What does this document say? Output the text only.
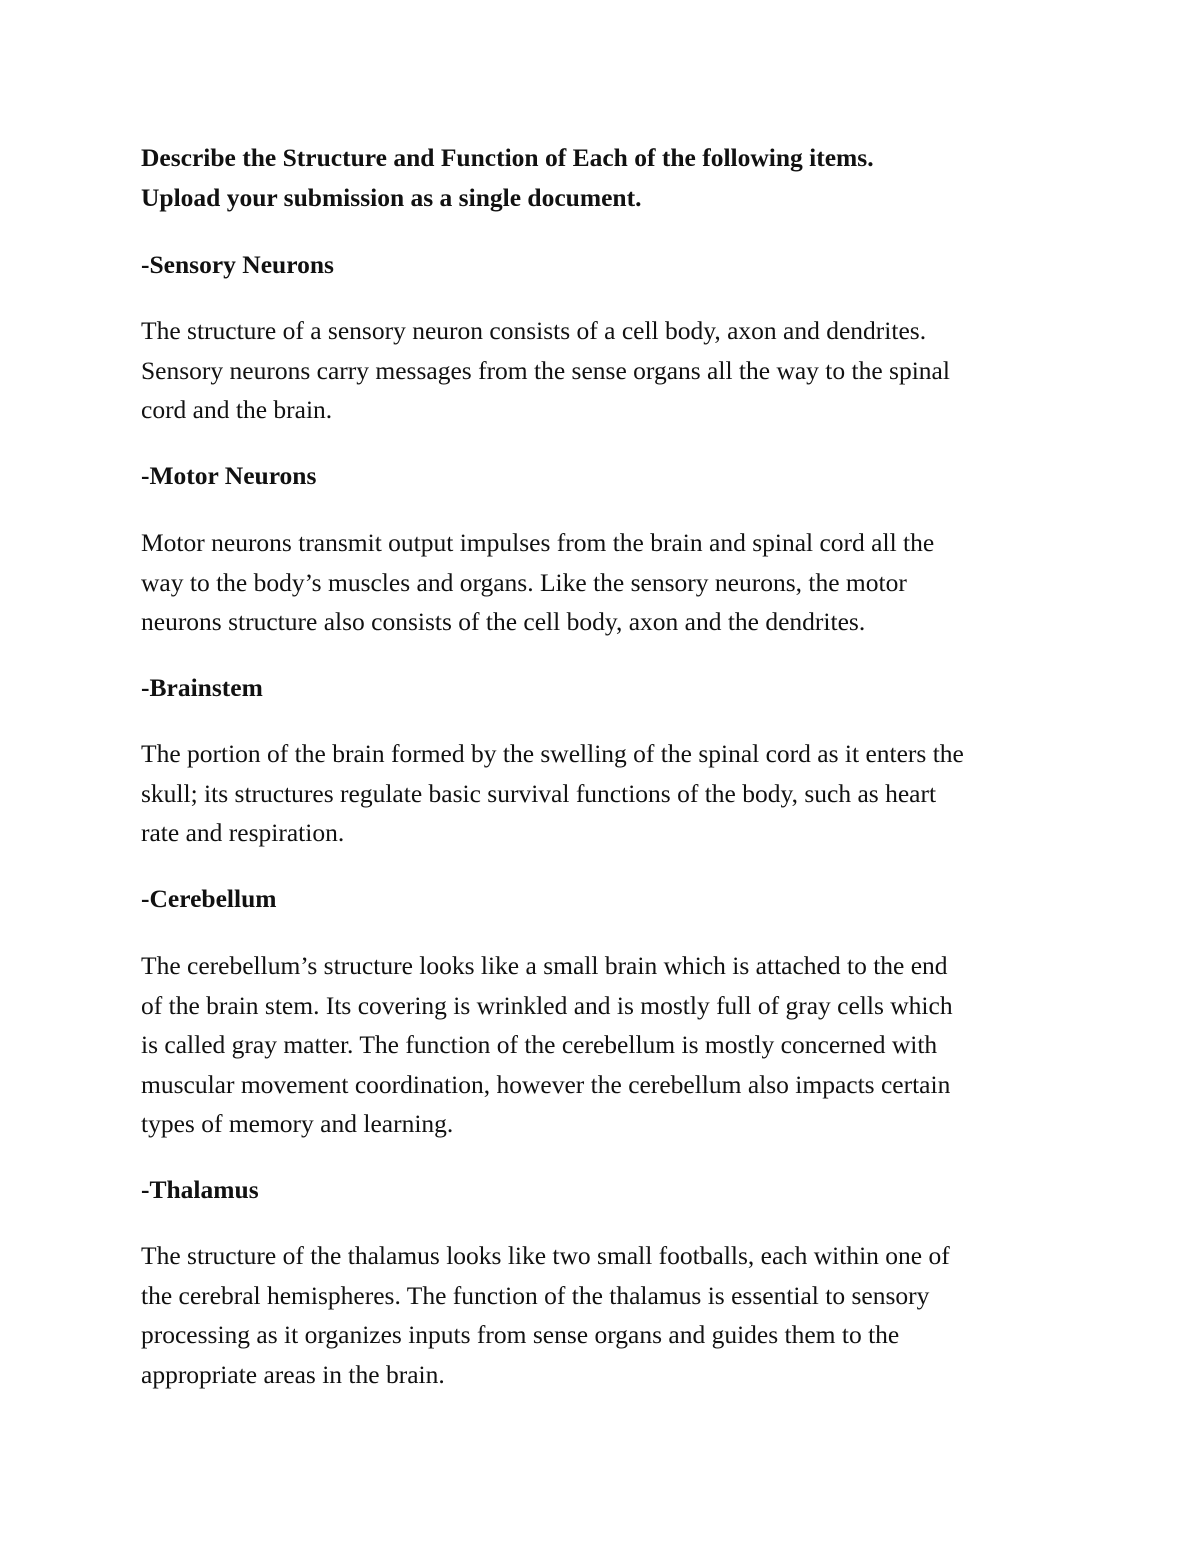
Describe the Structure and Function of Each of the following items.
Upload your submission as a single document.

-Sensory Neurons

The structure of a sensory neuron consists of a cell body, axon and dendrites.
Sensory neurons carry messages from the sense organs all the way to the spinal
cord and the brain.

-Motor Neurons

Motor neurons transmit output impulses from the brain and spinal cord all the
way to the body’s muscles and organs. Like the sensory neurons, the motor
neurons structure also consists of the cell body, axon and the dendrites.

-Brainstem

The portion of the brain formed by the swelling of the spinal cord as it enters the
skull; its structures regulate basic survival functions of the body, such as heart
rate and respiration.

-Cerebellum

The cerebellum’s structure looks like a small brain which is attached to the end
of the brain stem. Its covering is wrinkled and is mostly full of gray cells which
is called gray matter. The function of the cerebellum is mostly concerned with
muscular movement coordination, however the cerebellum also impacts certain
types of memory and learning.

-Thalamus

The structure of the thalamus looks like two small footballs, each within one of
the cerebral hemispheres. The function of the thalamus is essential to sensory
processing as it organizes inputs from sense organs and guides them to the
appropriate areas in the brain.
